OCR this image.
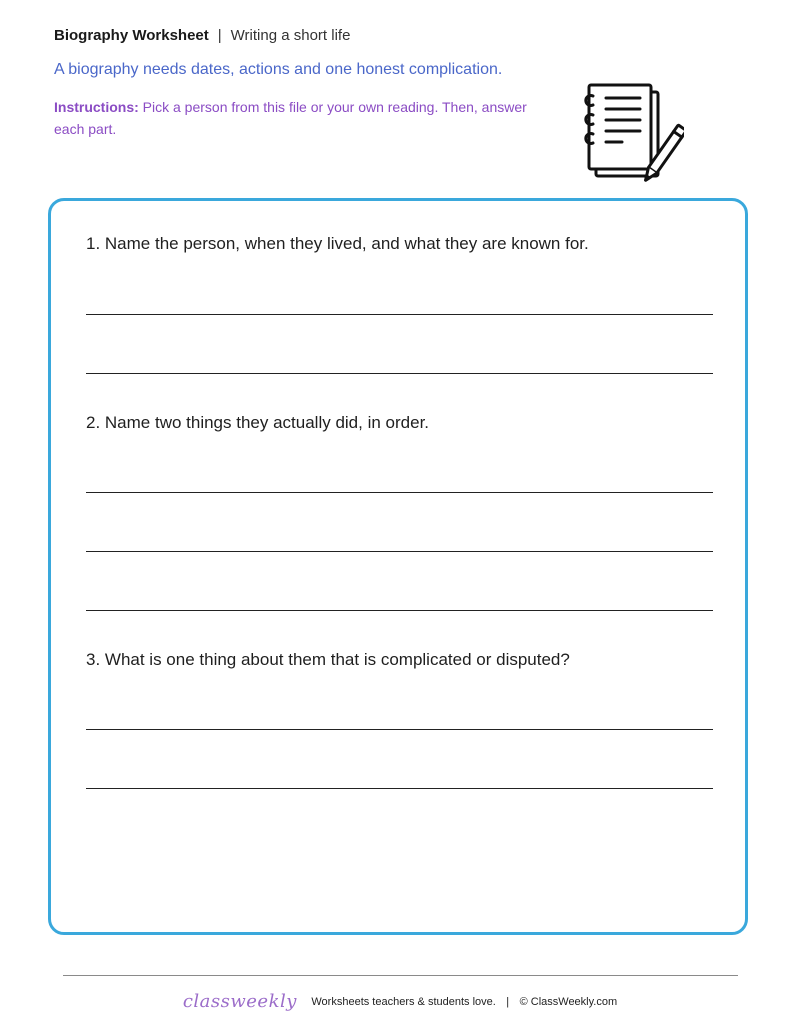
Biography Worksheet | Writing a short life
A biography needs dates, actions and one honest complication.
Instructions: Pick a person from this file or your own reading. Then, answer each part.
1. Name the person, when they lived, and what they are known for.
2. Name two things they actually did, in order.
3. What is one thing about them that is complicated or disputed?
classweekly Worksheets teachers & students love. | © ClassWeekly.com
